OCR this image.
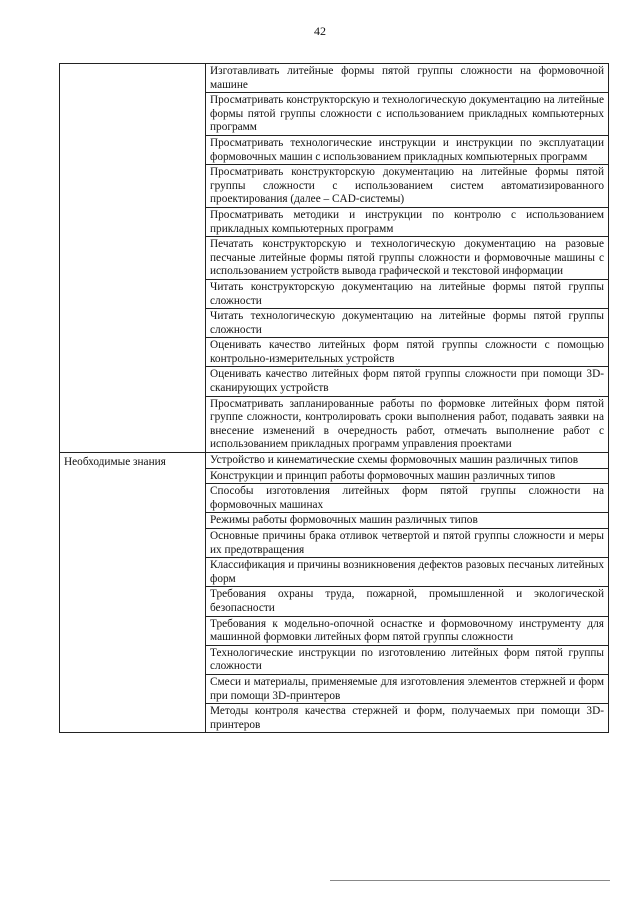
42
	Изготавливать литейные формы пятой группы сложности на формовочной машине
	Просматривать конструкторскую и технологическую документацию на литейные формы пятой группы сложности с использованием прикладных компьютерных программ
	Просматривать технологические инструкции и инструкции по эксплуатации формовочных машин с использованием прикладных компьютерных программ
	Просматривать конструкторскую документацию на литейные формы пятой группы сложности с использованием систем автоматизированного проектирования (далее – CAD-системы)
	Просматривать методики и инструкции по контролю с использованием прикладных компьютерных программ
	Печатать конструкторскую и технологическую документацию на разовые песчаные литейные формы пятой группы сложности и формовочные машины с использованием устройств вывода графической и текстовой информации
	Читать конструкторскую документацию на литейные формы пятой группы сложности
	Читать технологическую документацию на литейные формы пятой группы сложности
	Оценивать качество литейных форм пятой группы сложности с помощью контрольно-измерительных устройств
	Оценивать качество литейных форм пятой группы сложности при помощи 3D-сканирующих устройств
	Просматривать запланированные работы по формовке литейных форм пятой группе сложности, контролировать сроки выполнения работ, подавать заявки на внесение изменений в очередность работ, отмечать выполнение работ с использованием прикладных программ управления проектами
Необходимые знания	Устройство и кинематические схемы формовочных машин различных типов
	Конструкции и принцип работы формовочных машин различных типов
	Способы изготовления литейных форм пятой группы сложности на формовочных машинах
	Режимы работы формовочных машин различных типов
	Основные причины брака отливок четвертой и пятой группы сложности и меры их предотвращения
	Классификация и причины возникновения дефектов разовых песчаных литейных форм
	Требования охраны труда, пожарной, промышленной и экологической безопасности
	Требования к модельно-опочной оснастке и формовочному инструменту для машинной формовки литейных форм пятой группы сложности
	Технологические инструкции по изготовлению литейных форм пятой группы сложности
	Смеси и материалы, применяемые для изготовления элементов стержней и форм при помощи 3D-принтеров
	Методы контроля качества стержней и форм, получаемых при помощи 3D-принтеров
